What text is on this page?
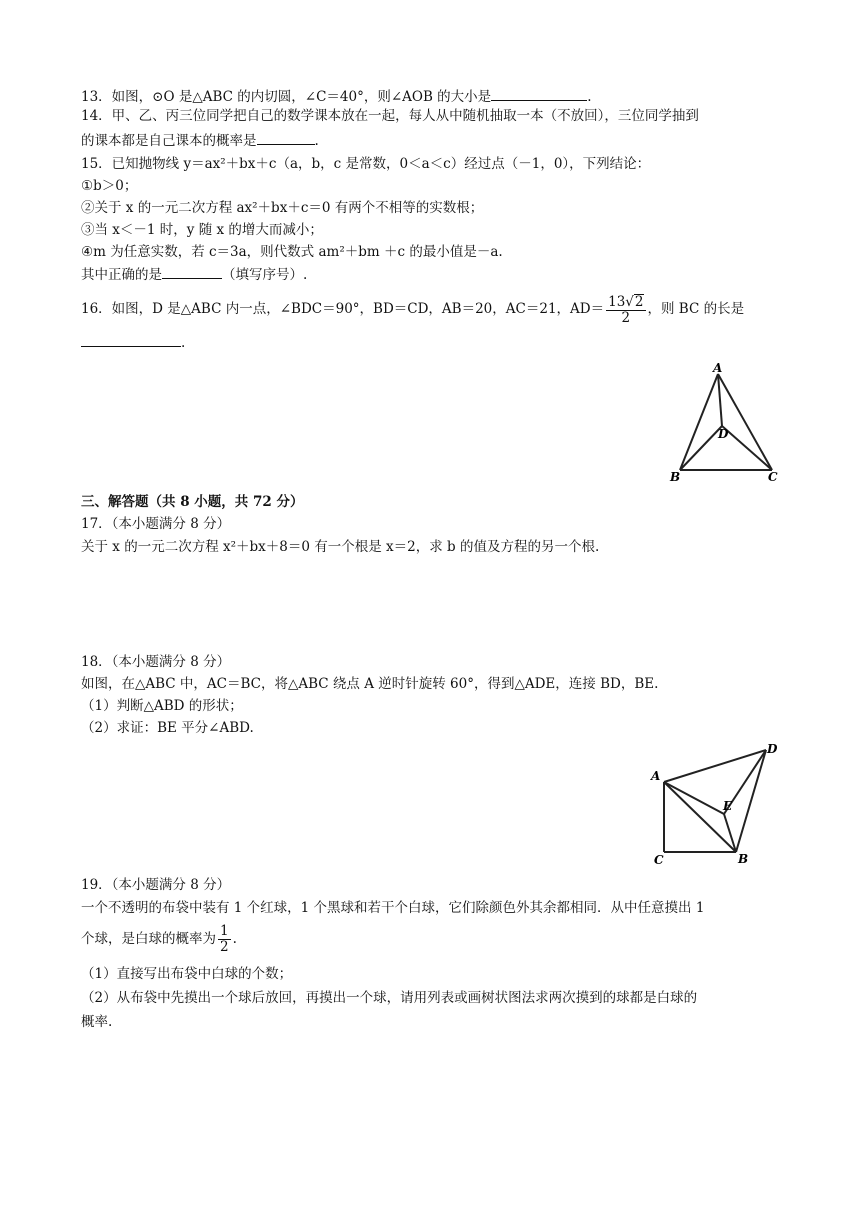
13．如图，⊙O 是△ABC 的内切圆，∠C＝40°，则∠AOB 的大小是	.
14．甲、乙、丙三位同学把自己的数学课本放在一起，每人从中随机抽取一本（不放回），三位同学抽到
的课本都是自己课本的概率是	.
15．已知抛物线 y＝ax²＋bx＋c（a，b，c 是常数，0＜a＜c）经过点（－1，0），下列结论：
①b＞0；
②关于 x 的一元二次方程 ax²＋bx＋c＝0 有两个不相等的实数根；
③当 x＜－1 时，y 随 x 的增大而减小；
④m 为任意实数，若 c＝3a，则代数式 am²＋bm ＋c 的最小值是－a.
其中正确的是	（填写序号）.
16．如图，D 是△ABC 内一点，∠BDC＝90°，BD＝CD，AB＝20，AC＝21，$AD= \frac{13√2}{2}$ ，则 BC 的长是
.
A
D
B	C
三、解答题（共 8 小题，共 72 分）
17．（本小题满分 8 分）
关于 x 的一元二次方程 x²＋bx＋8＝0 有一个根是 x＝2，求 b 的值及方程的另一个根.
18．（本小题满分 8 分）
如图，在△ABC 中，AC＝BC，将△ABC 绕点 A 逆时针旋转 60°，得到△ADE，连接 BD，BE.
（1）判断△ABD 的形状；
（2）求证：BE 平分∠ABD.
A
D
E
C	B
19．（本小题满分 8 分）
一个不透明的布袋中装有 1 个红球，1 个黑球和若干个白球，它们除颜色外其余都相同．从中任意摸出 1
个球，是白球的概率为 $\frac{1}{2}$ .
（1）直接写出布袋中白球的个数；
（2）从布袋中先摸出一个球后放回，再摸出一个球，请用列表或画树状图法求两次摸到的球都是白球的
概率.
